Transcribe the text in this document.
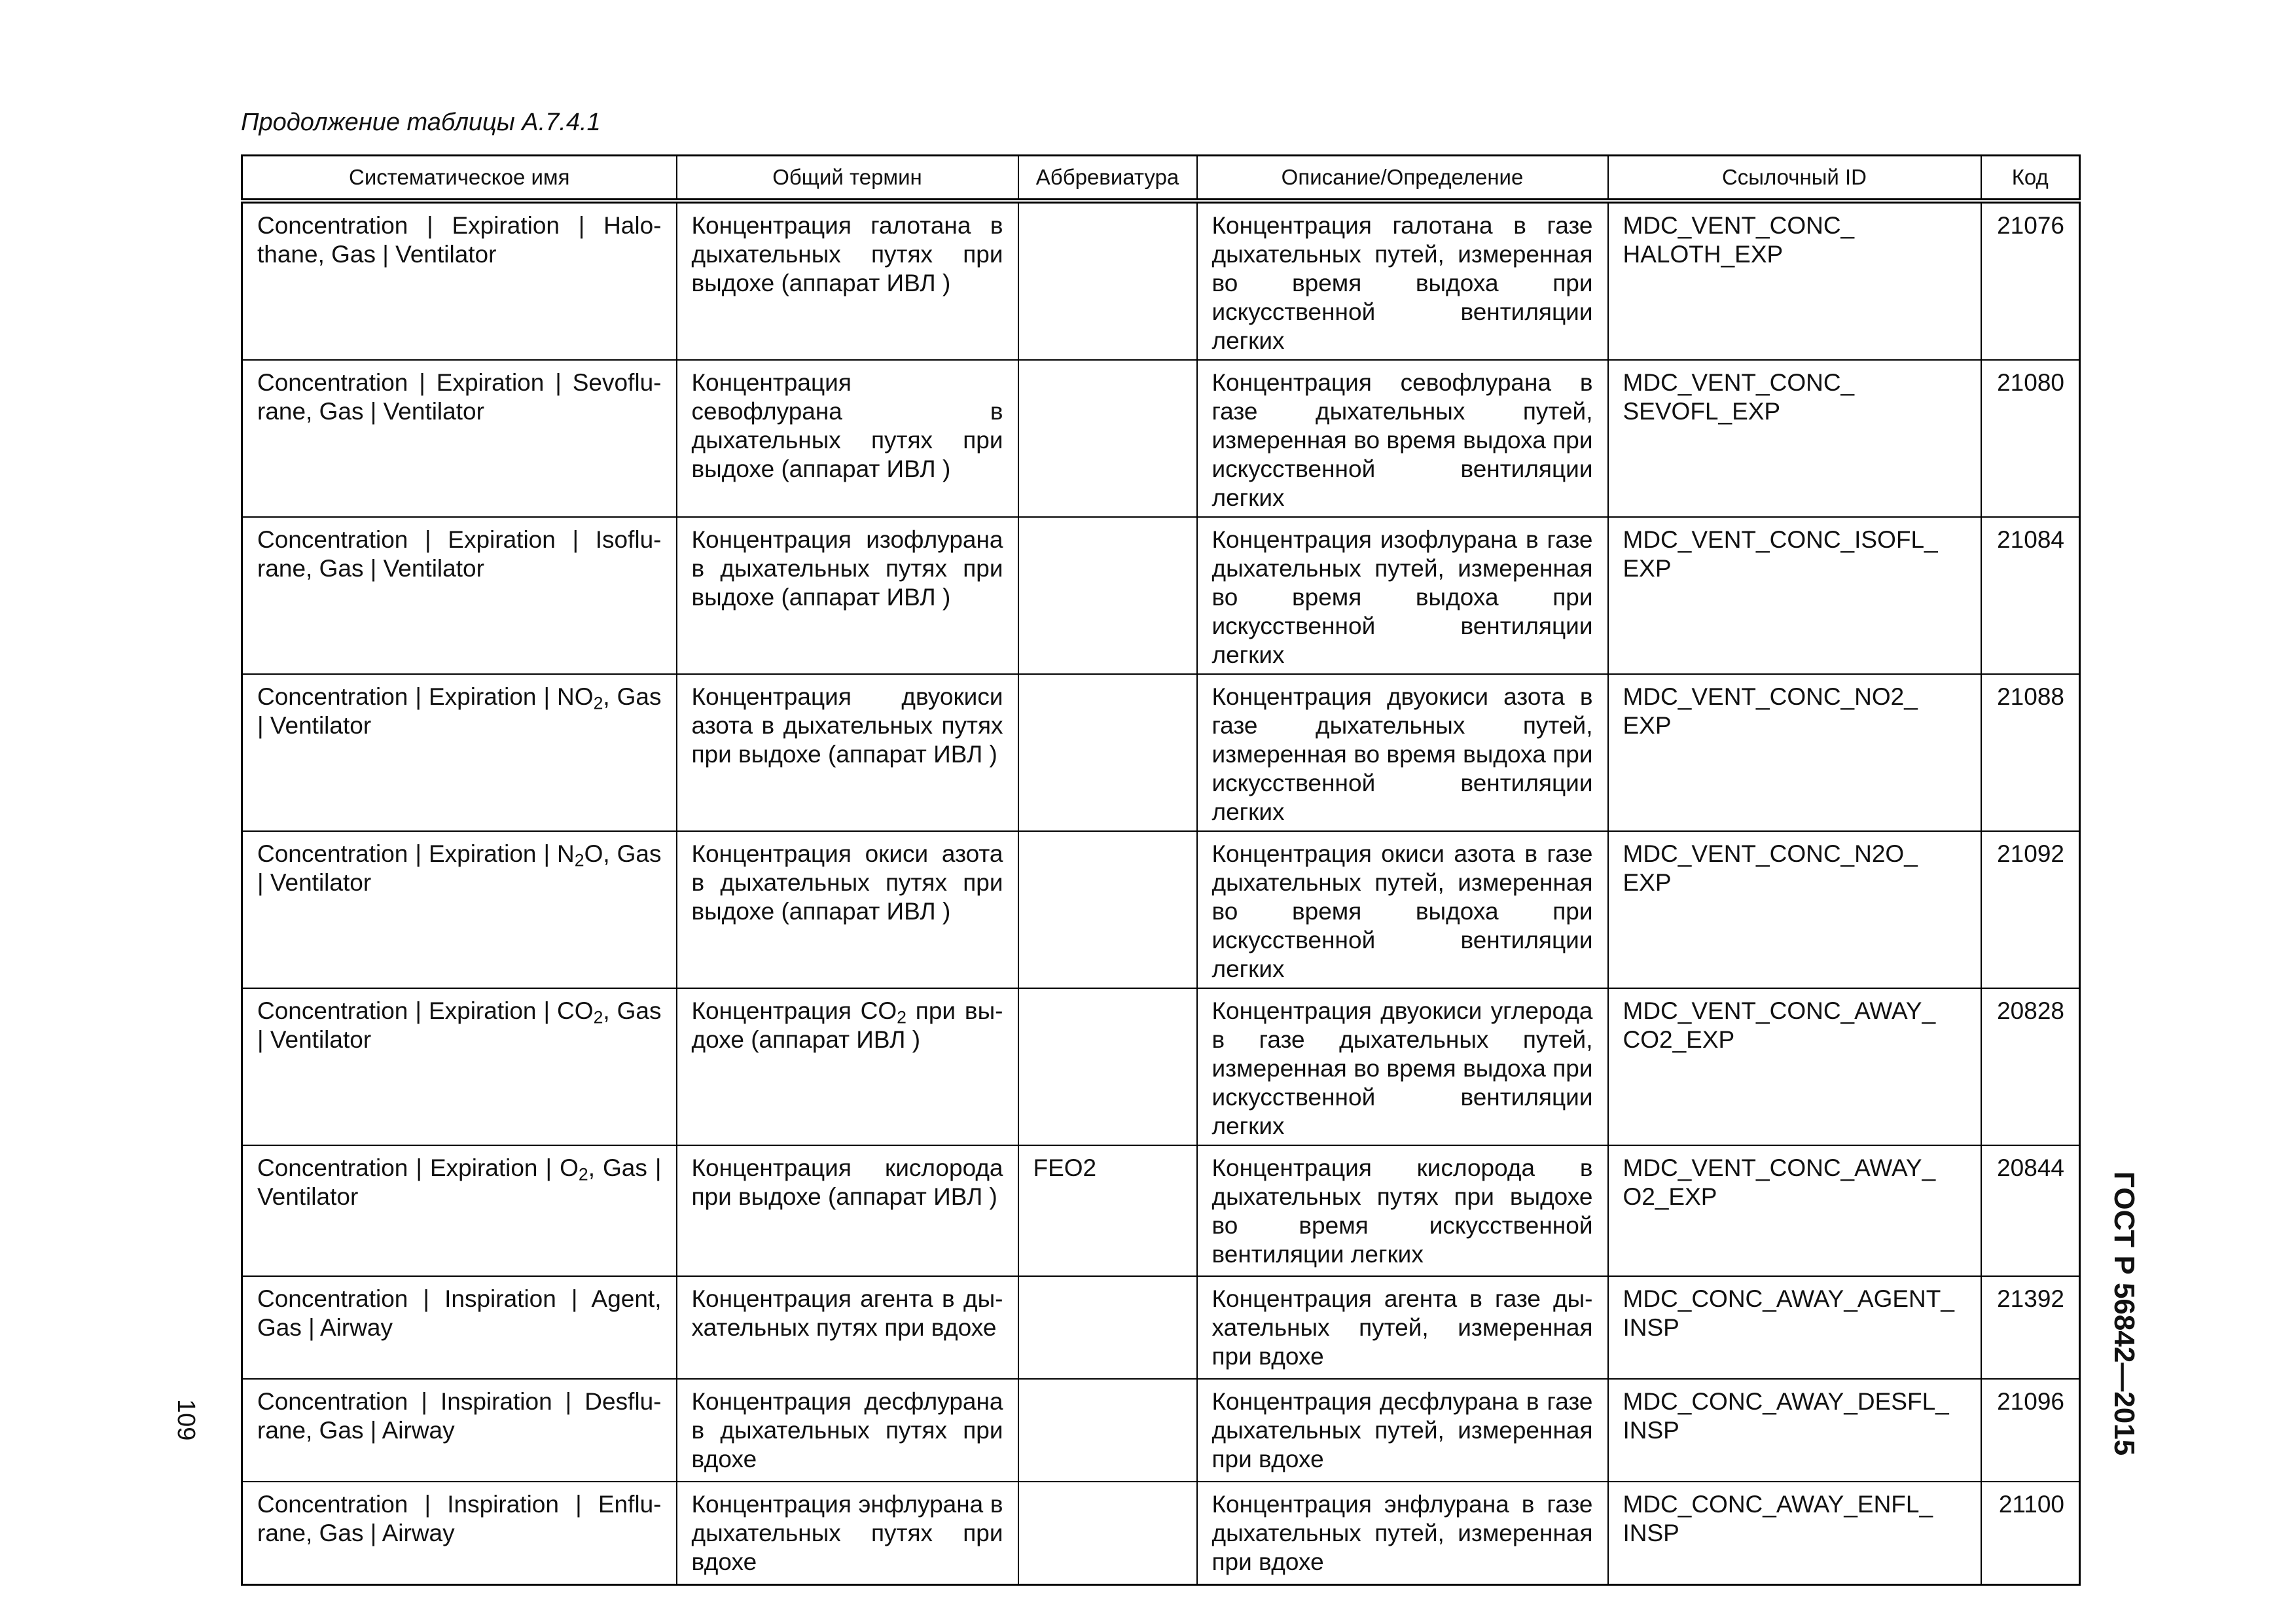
Продолжение таблицы А.7.4.1
Систематическое имя	Общий термин	Аббревиатура	Описание/Определение	Ссылочный ID	Код
Concentration | Expiration | Halo-thane, Gas | Ventilator	Концентрация галотана в дыхательных путях при выдохе (аппарат ИВЛ )		Концентрация галотана в газе дыхательных путей, измеренная во время выдоха при искусственной вентиляции легких	MDC_VENT_CONC_ HALOTH_EXP	21076
Concentration | Expiration | Sevoflu-rane, Gas | Ventilator	Концентрация севофлурана в дыхательных путях при выдохе (аппарат ИВЛ )		Концентрация севофлурана в газе дыхательных путей, измеренная во время выдоха при искусственной вентиляции легких	MDC_VENT_CONC_ SEVOFL_EXP	21080
Concentration | Expiration | Isoflu-rane, Gas | Ventilator	Концентрация изофлурана в дыхательных путях при выдохе (аппарат ИВЛ )		Концентрация изофлурана в газе дыхательных путей, измеренная во время выдоха при искусственной вентиляции легких	MDC_VENT_CONC_ISOFL_ EXP	21084
Concentration | Expiration | $NO_2$, Gas | Ventilator	Концентрация двуокиси азота в дыхательных путях при выдохе (аппарат ИВЛ )		Концентрация двуокиси азота в газе дыхательных путей, измеренная во время выдоха при искусственной вентиляции легких	MDC_VENT_CONC_NO2_ EXP	21088
Concentration | Expiration | $N_2O$, Gas | Ventilator	Концентрация окиси азота в дыхательных путях при выдохе (аппарат ИВЛ )		Концентрация окиси азота в газе дыхательных путей, измеренная во время выдоха при искусственной вентиляции легких	MDC_VENT_CONC_N2O_ EXP	21092
Concentration | Expiration | $CO_2$, Gas | Ventilator	Концентрация $CO_2$ при вы-дохе (аппарат ИВЛ )		Концентрация двуокиси углерода в газе дыхательных путей, измеренная во время выдоха при искусственной вентиляции легких	MDC_VENT_CONC_AWAY_ CO2_EXP	20828
Concentration | Expiration | $O_2$, Gas | Ventilator	Концентрация кислорода при выдохе (аппарат ИВЛ )	FEO2	Концентрация кислорода в дыхательных путях при выдохе во время искусственной вентиляции легких	MDC_VENT_CONC_AWAY_ O2_EXP	20844
Concentration | Inspiration | Agent, Gas | Airway	Концентрация агента в ды-хательных путях при вдохе		Концентрация агента в газе ды-хательных путей, измеренная при вдохе	MDC_CONC_AWAY_AGENT_ INSP	21392
Concentration | Inspiration | Desflu-rane, Gas | Airway	Концентрация десфлурана в дыхательных путях при вдохе		Концентрация десфлурана в газе дыхательных путей, измеренная при вдохе	MDC_CONC_AWAY_DESFL_ INSP	21096
Concentration | Inspiration | Enflu-rane, Gas | Airway	Концентрация энфлурана в дыхательных путях при вдохе		Концентрация энфлурана в газе дыхательных путей, измеренная при вдохе	MDC_CONC_AWAY_ENFL_ INSP	21100
ГОСТ Р 56842—2015
109
